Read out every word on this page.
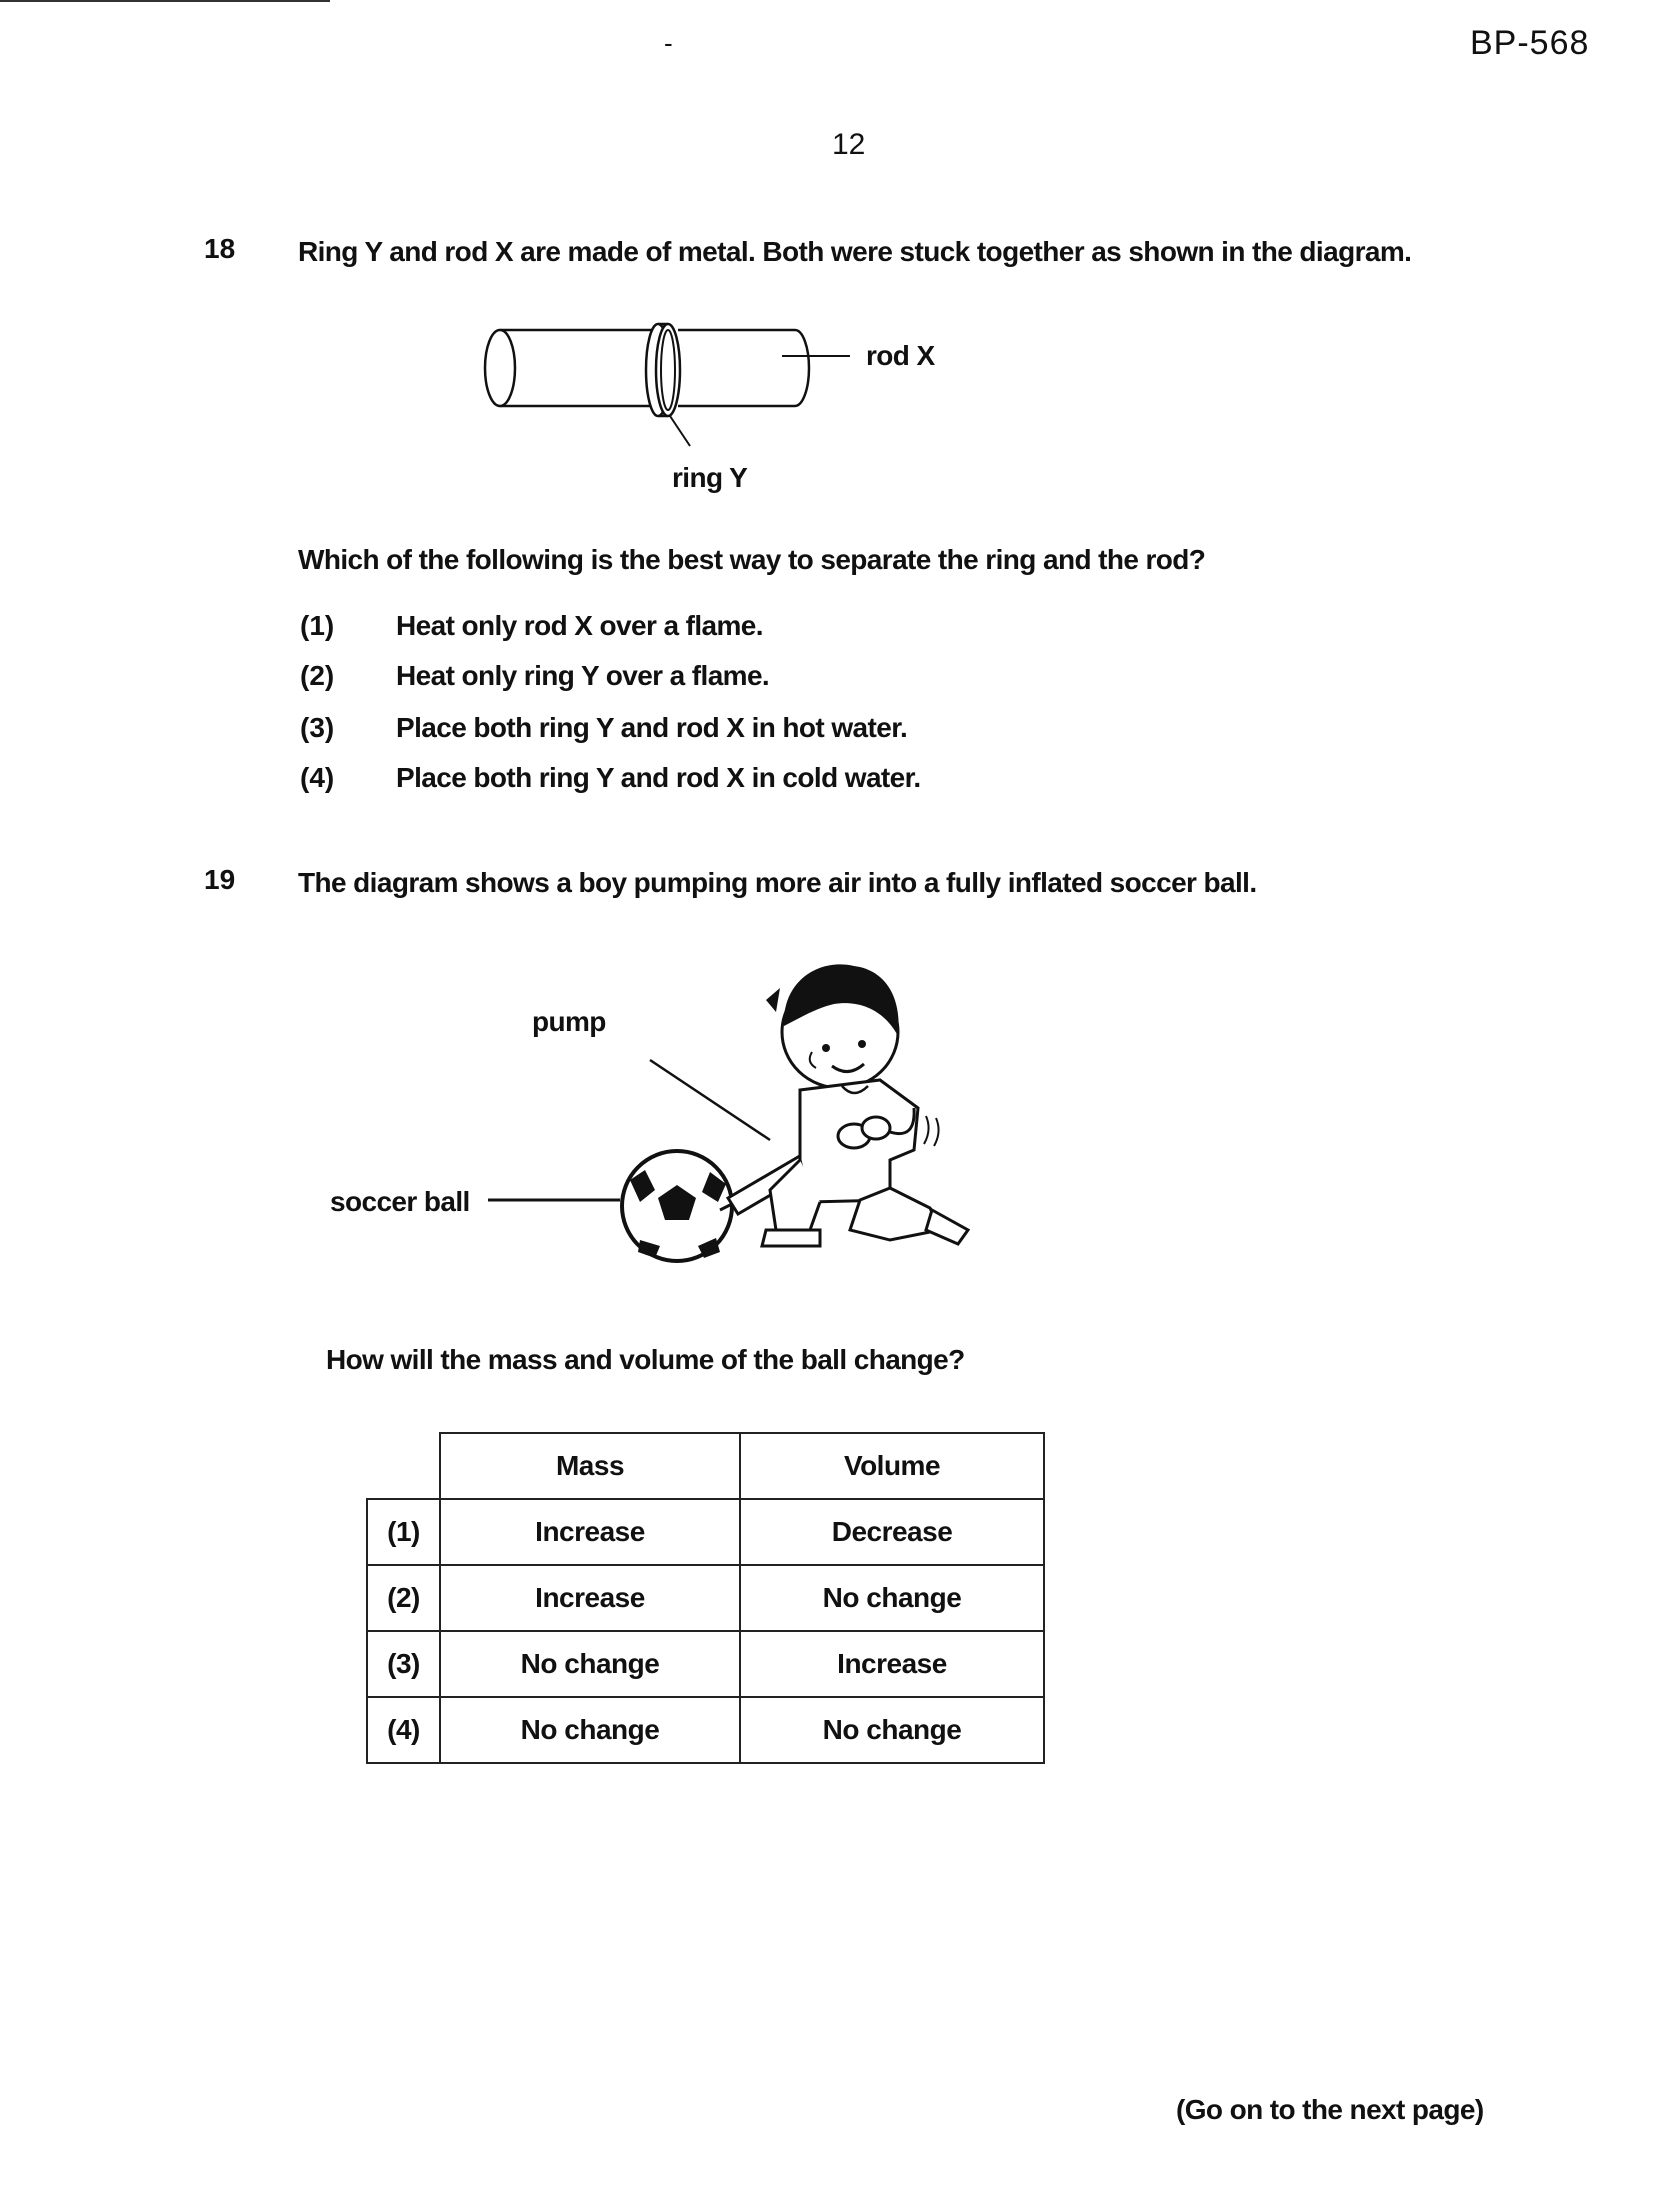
-	BP-568
12
18 Ring Y and rod X are made of metal. Both were stuck together as shown in the diagram.
rod X
ring Y
Which of the following is the best way to separate the ring and the rod?
(1) Heat only rod X over a flame.
(2) Heat only ring Y over a flame.
(3) Place both ring Y and rod X in hot water.
(4) Place both ring Y and rod X in cold water.
19 The diagram shows a boy pumping more air into a fully inflated soccer ball.
pump
soccer ball
How will the mass and volume of the ball change?
	Mass	Volume
(1)	Increase	Decrease
(2)	Increase	No change
(3)	No change	Increase
(4)	No change	No change
(Go on to the next page)
